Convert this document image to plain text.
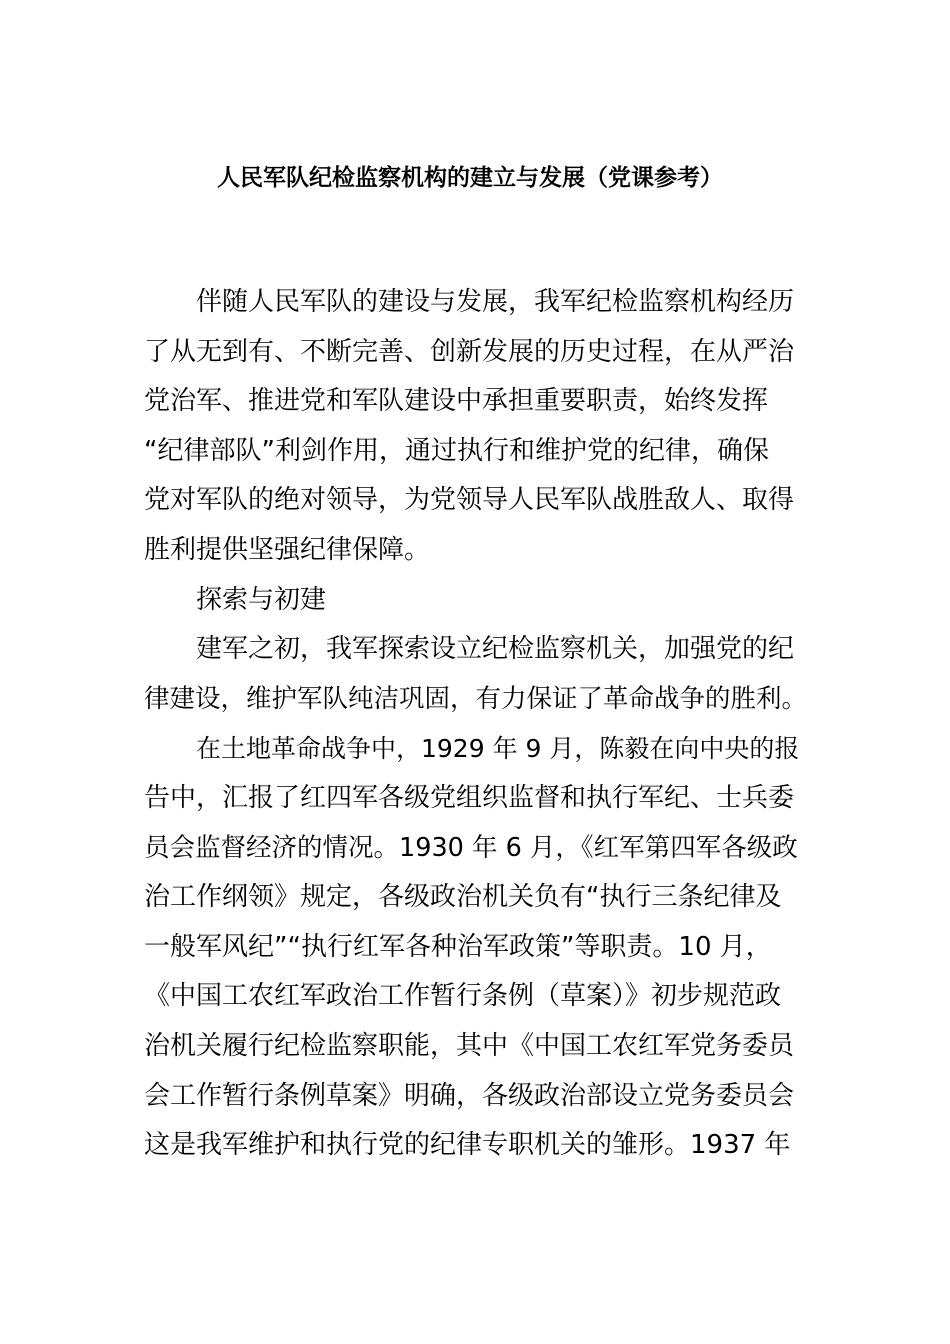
人民军队纪检监察机构的建立与发展（党课参考）
伴随人民军队的建设与发展，我军纪检监察机构经历
了从无到有、不断完善、创新发展的历史过程，在从严治
党治军、推进党和军队建设中承担重要职责，始终发挥
“纪律部队”利剑作用，通过执行和维护党的纪律，确保
党对军队的绝对领导，为党领导人民军队战胜敌人、取得
胜利提供坚强纪律保障。
探索与初建
建军之初，我军探索设立纪检监察机关，加强党的纪
律建设，维护军队纯洁巩固，有力保证了革命战争的胜利。
在土地革命战争中，1929 年 9 月，陈毅在向中央的报
告中，汇报了红四军各级党组织监督和执行军纪、士兵委
员会监督经济的情况。1930 年 6 月，《红军第四军各级政
治工作纲领》规定，各级政治机关负有“执行三条纪律及
一般军风纪”“执行红军各种治军政策”等职责。10 月，
《中国工农红军政治工作暂行条例（草案）》初步规范政
治机关履行纪检监察职能，其中《中国工农红军党务委员
会工作暂行条例草案》明确，各级政治部设立党务委员会
这是我军维护和执行党的纪律专职机关的雏形。1937 年
